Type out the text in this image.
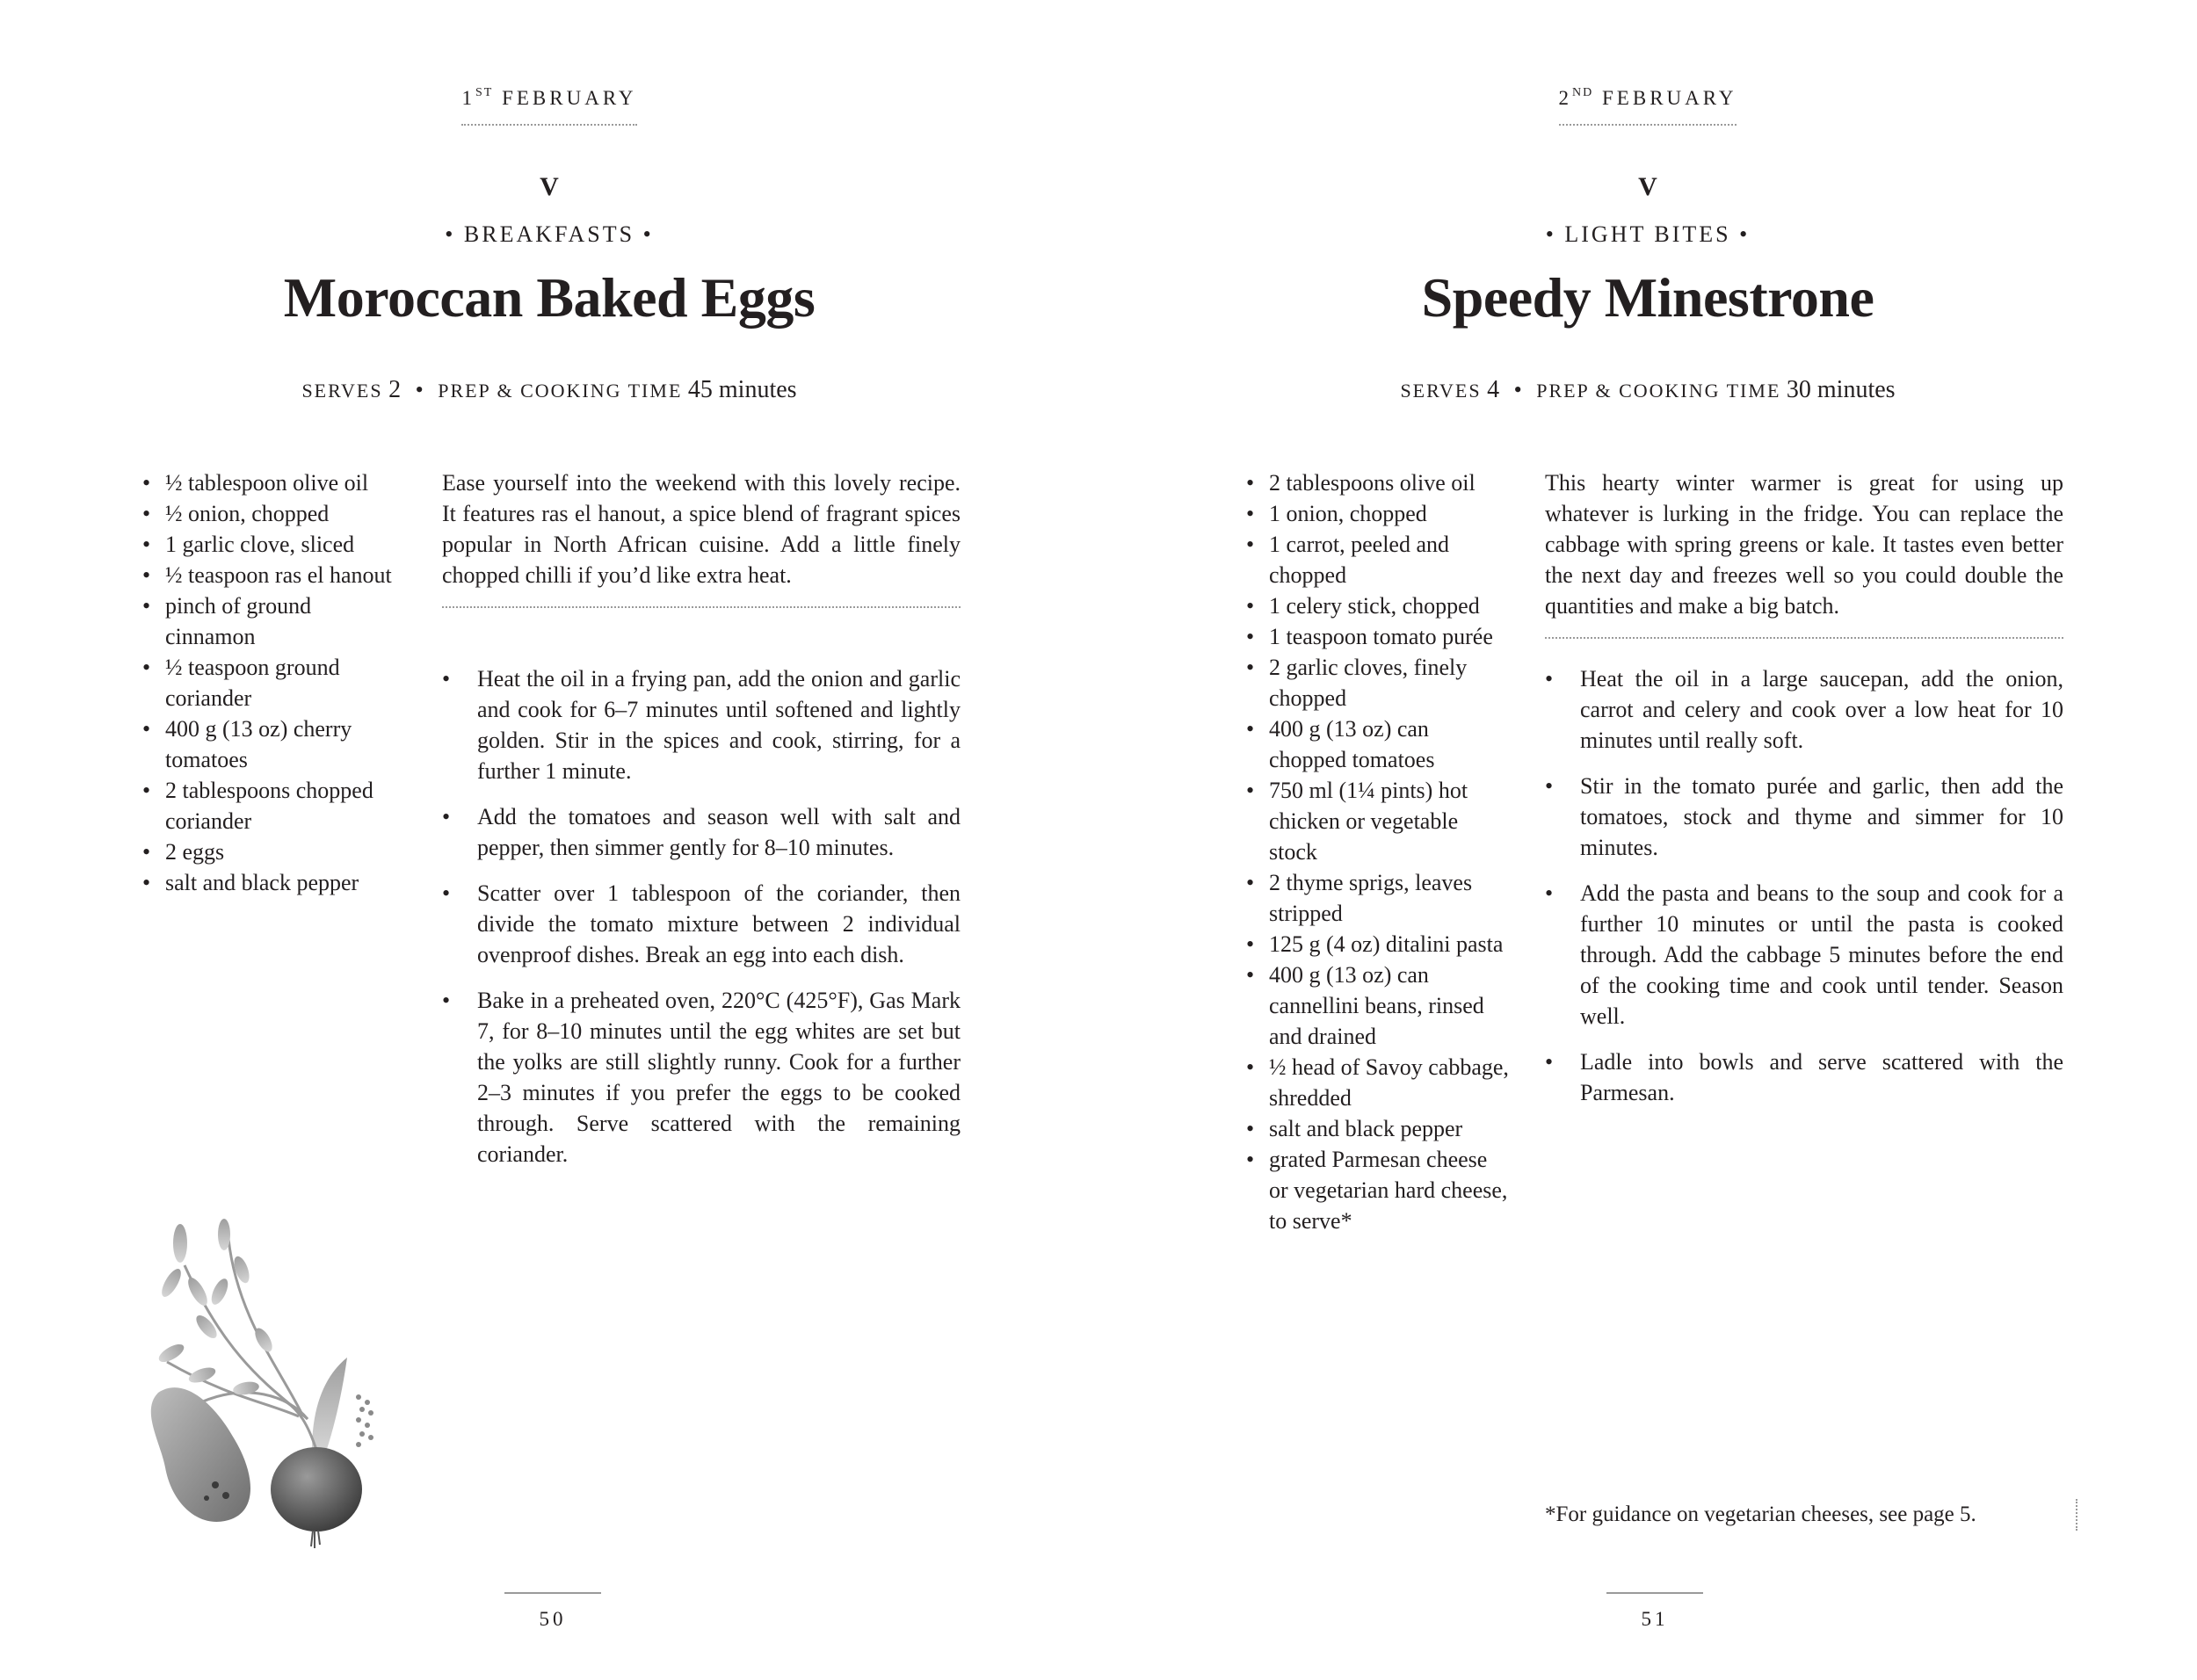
1ST FEBRUARY
V
• BREAKFASTS •
Moroccan Baked Eggs
SERVES 2 • PREP & COOKING TIME 45 minutes
• ½ tablespoon olive oil
• ½ onion, chopped
• 1 garlic clove, sliced
• ½ teaspoon ras el hanout
• pinch of ground cinnamon
• ½ teaspoon ground coriander
• 400 g (13 oz) cherry tomatoes
• 2 tablespoons chopped coriander
• 2 eggs
• salt and black pepper
Ease yourself into the weekend with this lovely recipe. It features ras el hanout, a spice blend of fragrant spices popular in North African cuisine. Add a little finely chopped chilli if you’d like extra heat.
• Heat the oil in a frying pan, add the onion and garlic and cook for 6–7 minutes until softened and lightly golden. Stir in the spices and cook, stirring, for a further 1 minute.
• Add the tomatoes and season well with salt and pepper, then simmer gently for 8–10 minutes.
• Scatter over 1 tablespoon of the coriander, then divide the tomato mixture between 2 individual ovenproof dishes. Break an egg into each dish.
• Bake in a preheated oven, 220°C (425°F), Gas Mark 7, for 8–10 minutes until the egg whites are set but the yolks are still slightly runny. Cook for a further 2–3 minutes if you prefer the eggs to be cooked through. Serve scattered with the remaining coriander.
50
2ND FEBRUARY
V
• LIGHT BITES •
Speedy Minestrone
SERVES 4 • PREP & COOKING TIME 30 minutes
• 2 tablespoons olive oil
• 1 onion, chopped
• 1 carrot, peeled and chopped
• 1 celery stick, chopped
• 1 teaspoon tomato purée
• 2 garlic cloves, finely chopped
• 400 g (13 oz) can chopped tomatoes
• 750 ml (1¼ pints) hot chicken or vegetable stock
• 2 thyme sprigs, leaves stripped
• 125 g (4 oz) ditalini pasta
• 400 g (13 oz) can cannellini beans, rinsed and drained
• ½ head of Savoy cabbage, shredded
• salt and black pepper
• grated Parmesan cheese or vegetarian hard cheese, to serve*
This hearty winter warmer is great for using up whatever is lurking in the fridge. You can replace the cabbage with spring greens or kale. It tastes even better the next day and freezes well so you could double the quantities and make a big batch.
• Heat the oil in a large saucepan, add the onion, carrot and celery and cook over a low heat for 10 minutes until really soft.
• Stir in the tomato purée and garlic, then add the tomatoes, stock and thyme and simmer for 10 minutes.
• Add the pasta and beans to the soup and cook for a further 10 minutes or until the pasta is cooked through. Add the cabbage 5 minutes before the end of the cooking time and cook until tender. Season well.
• Ladle into bowls and serve scattered with the Parmesan.
51
*For guidance on vegetarian cheeses, see page 5.
